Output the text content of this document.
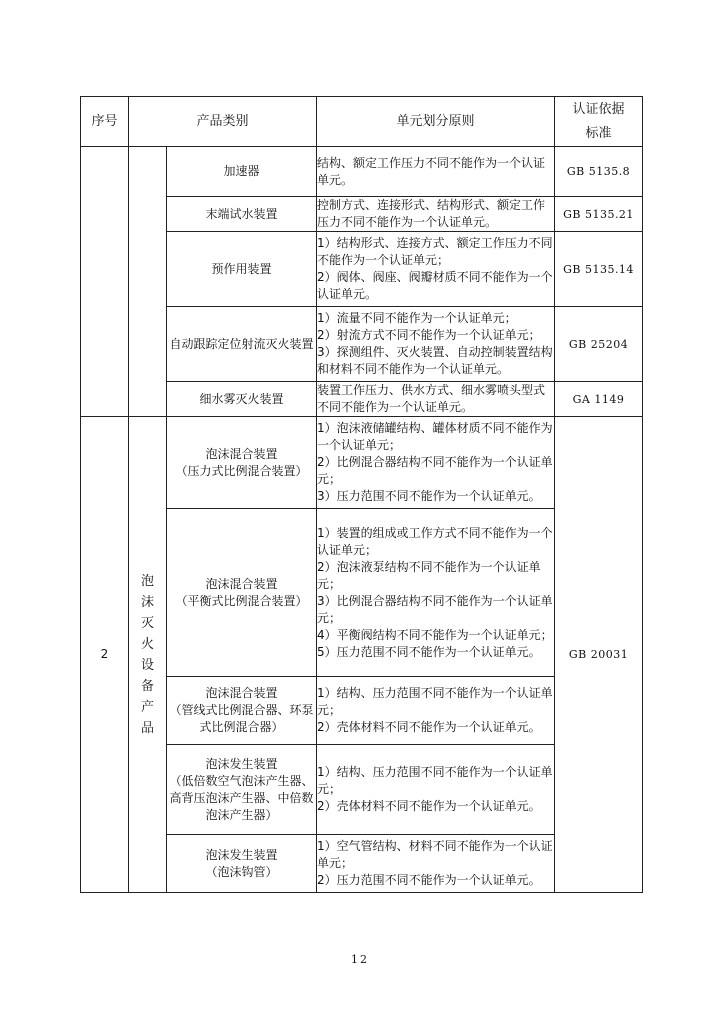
序号	产品类别		单元划分原则	认证依据标准

		加速器	结构、额定工作压力不同不能作为一个认证单元。	GB 5135.8

		末端试水装置	控制方式、连接形式、结构形式、额定工作压力不同不能作为一个认证单元。	GB 5135.21

		预作用装置	1）结构形式、连接方式、额定工作压力不同不能作为一个认证单元；
2）阀体、阀座、阀瓣材质不同不能作为一个认证单元。	GB 5135.14

		自动跟踪定位射流灭火装置	1）流量不同不能作为一个认证单元；
2）射流方式不同不能作为一个认证单元；
3）探测组件、灭火装置、自动控制装置结构和材料不同不能作为一个认证单元。	GB 25204

		细水雾灭火装置	装置工作压力、供水方式、细水雾喷头型式不同不能作为一个认证单元。	GA 1149
2	泡沫灭火设备产品	泡沫混合装置
（压力式比例混合装置）	1）泡沫液储罐结构、罐体材质不同不能作为一个认证单元；
2）比例混合器结构不同不能作为一个认证单元；
3）压力范围不同不能作为一个认证单元。	GB 20031

		泡沫混合装置
（平衡式比例混合装置）	1）装置的组成或工作方式不同不能作为一个认证单元；
2）泡沫液泵结构不同不能作为一个认证单元；
3）比例混合器结构不同不能作为一个认证单元；
4）平衡阀结构不同不能作为一个认证单元；
5）压力范围不同不能作为一个认证单元。	

		泡沫混合装置
（管线式比例混合器、环泵式比例混合器）	1）结构、压力范围不同不能作为一个认证单元；
2）壳体材料不同不能作为一个认证单元。	

		泡沫发生装置
（低倍数空气泡沫产生器、高背压泡沫产生器、中倍数泡沫产生器）	1）结构、压力范围不同不能作为一个认证单元；
2）壳体材料不同不能作为一个认证单元。	

		泡沫发生装置
（泡沫钩管）	1）空气管结构、材料不同不能作为一个认证单元；
2）压力范围不同不能作为一个认证单元。	
12
